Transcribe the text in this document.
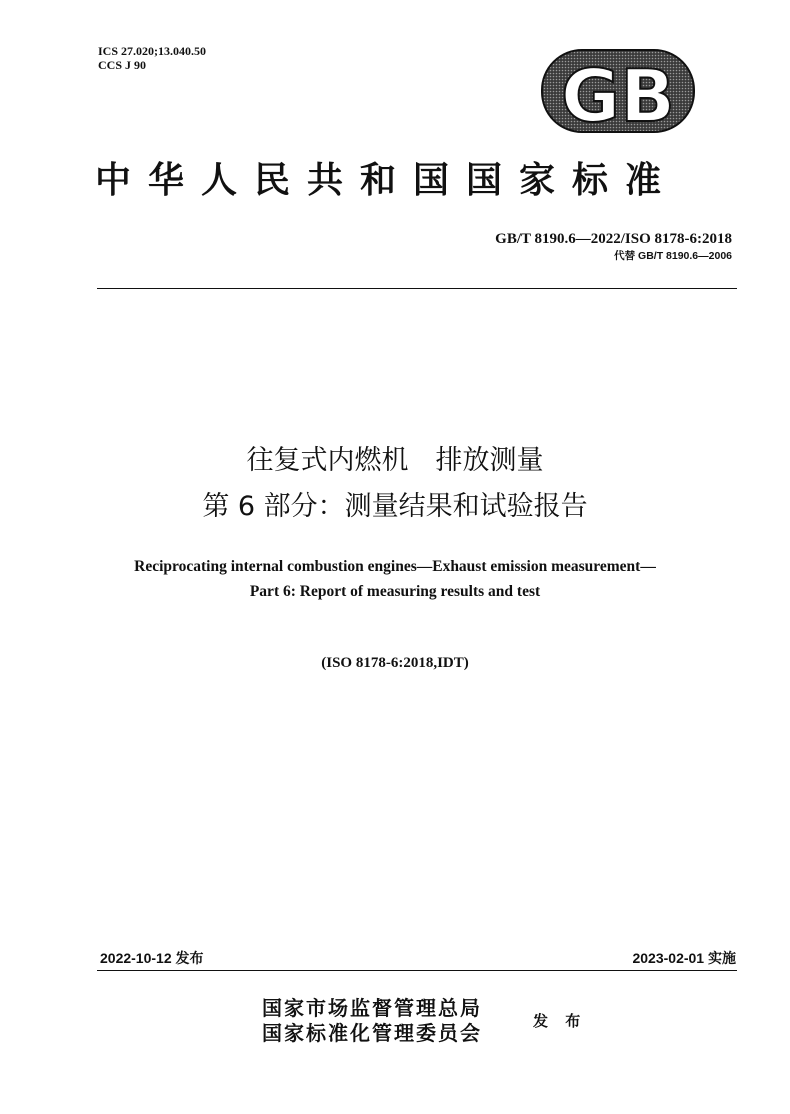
ICS 27.020;13.040.50
CCS J 90	GB
中华人民共和国国家标准
GB/T 8190.6—2022/ISO 8178-6:2018
代替 GB/T 8190.6—2006
往复式内燃机　排放测量
第 6 部分：测量结果和试验报告
Reciprocating internal combustion engines—Exhaust emission measurement—
Part 6: Report of measuring results and test
(ISO 8178-6:2018,IDT)
2022-10-12 发布	2023-02-01 实施
国家市场监督管理总局
国家标准化管理委员会	发 布
